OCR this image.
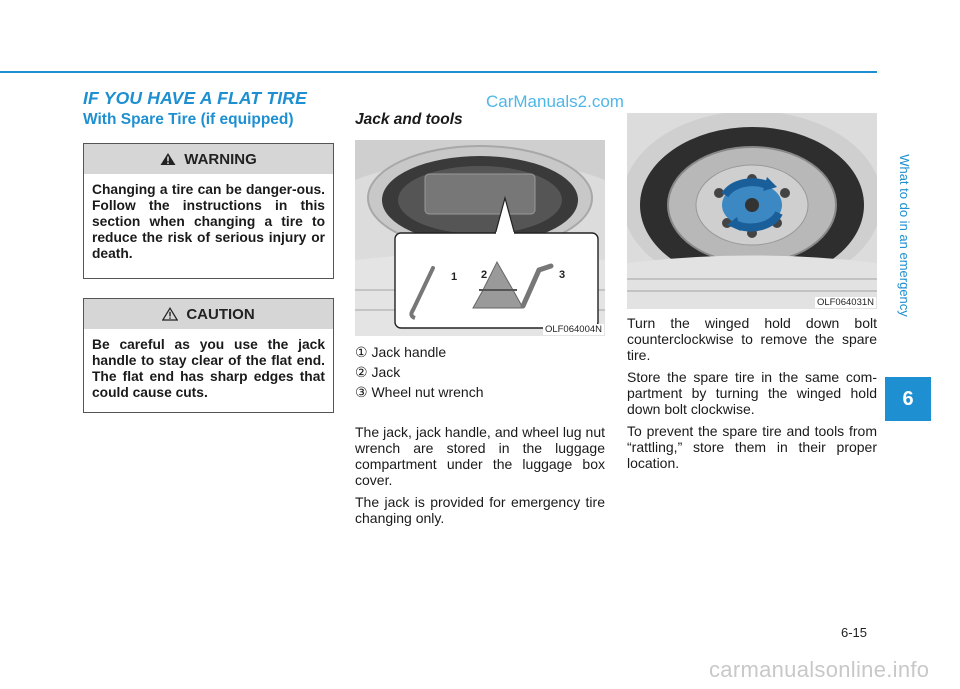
IF YOU HAVE A FLAT TIRE	CarManuals2.com
With Spare Tire (if equipped)
WARNING
Changing a tire can be danger-ous. Follow the instructions in this section when changing a tire to reduce the risk of serious injury or death.
CAUTION
Be careful as you use the jack handle to stay clear of the flat end. The flat end has sharp edges that could cause cuts.
Jack and tools
1 2	3
OLF064004N
OLF064031N
① Jack handle
② Jack
③ Wheel nut wrench

The jack, jack handle, and wheel lug nut wrench are stored in the luggage compartment under the luggage box cover.

The jack is provided for emergency tire changing only.

Turn the winged hold down bolt counterclockwise to remove the spare tire.

Store the spare tire in the same com-partment by turning the winged hold down bolt clockwise.

To prevent the spare tire and tools from “rattling,” store them in their proper location.

What to do in an emergency
6
6-15
carmanualsonline.info
